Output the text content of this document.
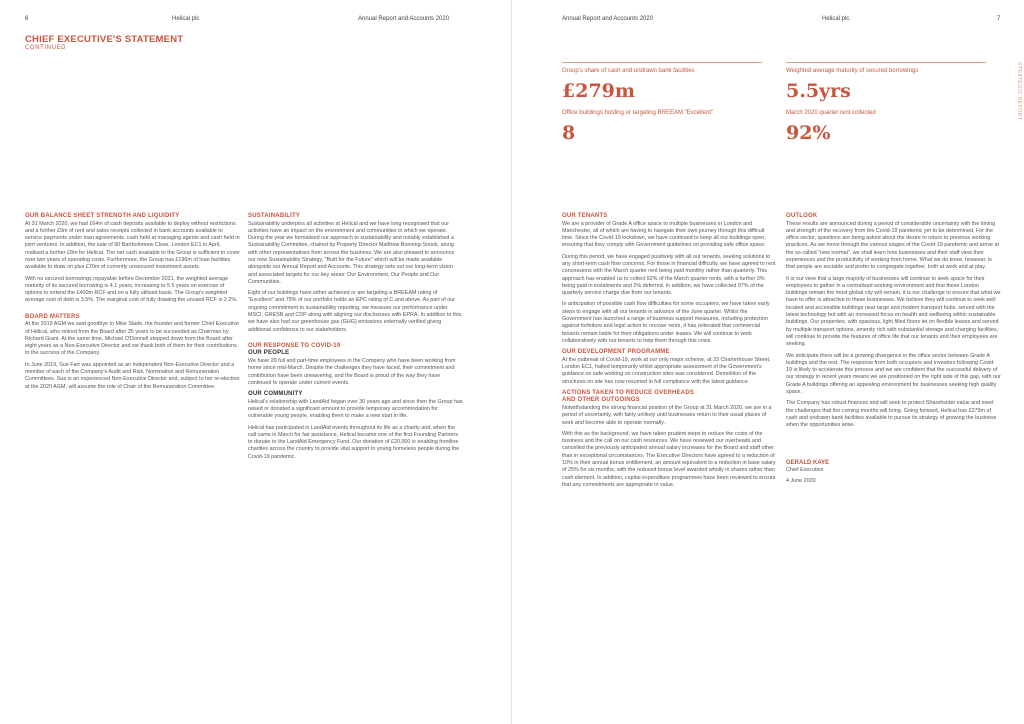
6	Helical plc	Annual Report and Accounts 2020
CHIEF EXECUTIVE'S STATEMENT
CONTINUED
OUR BALANCE SHEET STRENGTH AND LIQUIDITY

At 31 March 2020, we had £64m of cash deposits available to deploy without restrictions and a further £9m of rent and sales receipts collected in bank accounts available to service payments under loan agreements. cash held at managing agents and cash held in joint ventures. In addition, the sale of 90 Bartholomew Close, London EC1 in April, realised a further £8m for Helical. The net cash available to the Group is sufficient to cover over two years of operating costs. Furthermore, the Group has £196m of loan facilities available to draw on plus £70m of currently unsecured investment assets.

With no secured borrowings repayable before December 2021, the weighted average maturity of its secured borrowing is 4.1 years, increasing to 5.5 years on exercise of options to extend the £400m RCF and on a fully utilised basis. The Group's weighted average cost of debt is 3.5%. The marginal cost of fully drawing the unused RCF is 2.2%.

BOARD MATTERS

At the 2019 AGM we said goodbye to Mike Slade, the founder and former Chief Executive of Helical, who retired from the Board after 35 years to be succeeded as Chairman by Richard Grant. At the same time, Michael O'Donnell stepped down from the Board after eight years as a Non-Executive Director and we thank both of them for their contributions to the success of the Company.

In June 2019, Sue Farr was appointed as an independent Non-Executive Director and a member of each of the Company's Audit and Risk, Nomination and Remuneration Committees. Sue is an experienced Non-Executive Director and, subject to her re-election at the 2020 AGM, will assume the role of Chair of the Remuneration Committee.

SUSTAINABILITY

Sustainability underpins all activities at Helical and we have long recognised that our activities have an impact on the environment and communities in which we operate. During the year we formalised our approach to sustainability and notably established a Sustainability Committee, chaired by Property Director Matthew Bonning-Snook, along with other representatives from across the business. We are also pleased to announce our new Sustainability Strategy, "Built for the Future" which will be made available alongside our Annual Report and Accounts. This strategy sets out our long-term vision and associated targets for our key areas: Our Environment, Our People and Our Communities.

Eight of our buildings have either achieved or are targeting a BREEAM rating of "Excellent" and 75% of our portfolio holds an EPC rating of C and above. As part of our ongoing commitment to sustainability reporting, we measure our performance under MSCI, GRESB and CDP along with aligning our disclosures with EPRA. In addition to this, we have also had our greenhouse gas (GHG) emissions externally verified giving additional confidence to our stakeholders.

OUR RESPONSE TO COVID-19
OUR PEOPLE

We have 29 full and part-time employees in the Company who have been working from home since mid-March. Despite the challenges they have faced, their commitment and contribution have been unwavering, and the Board is proud of the way they have continued to operate under current events.

OUR COMMUNITY

Helical's relationship with LandAid began over 30 years ago and since then the Group has raised or donated a significant amount to provide temporary accommodation for vulnerable young people, enabling them to make a new start in life.

Helical has participated in LandAid events throughout its life as a charity and, when the call came in March for fair assistance, Helical became one of the first Founding Partners to donate to the LandAid Emergency Fund. Our donation of £20,000 is enabling frontline charities across the country to provide vital support to young homeless people during the Covid-19 pandemic.

Annual Report and Accounts 2020	Helical plc	7
STRATEGIC REPORT
Group's share of cash and undrawn bank facilities
£279m
Weighted average maturity of secured borrowings
5.5yrs
Office buildings holding or targeting BREEAM "Excellent"
8
March 2020 quarter rent collected
92%
OUR TENANTS

We are a provider of Grade A office space to multiple businesses in London and Manchester, all of which are having to navigate their own journey through this difficult time. Since the Covid-19 lockdown, we have continued to keep all our buildings open, ensuring that they comply with Government guidelines on providing safe office space.

During this period, we have engaged positively with all our tenants, seeking solutions to any short-term cash flow concerns. For those in financial difficulty, we have agreed to rent concessions with the March quarter rent being paid monthly rather than quarterly. This approach has enabled us to collect 92% of the March quarter rents, with a further 3% being paid in instalments and 2% deferred. In addition, we have collected 97% of the quarterly service charge due from our tenants.

In anticipation of possible cash flow difficulties for some occupiers, we have taken early steps to engage with all our tenants in advance of the June quarter. Whilst the Government has launched a range of business support measures, including protection against forfeiture and legal action to recover rents, it has reiterated that commercial tenants remain liable for their obligations under leases. We will continue to work collaboratively with our tenants to help them through this crisis.

OUR DEVELOPMENT PROGRAMME

At the outbreak of Covid-19, work at our only major scheme, at 33 Charterhouse Street, London EC1, halted temporarily whilst appropriate assessment of the Government's guidance on safe working on construction sites was considered. Demolition of the structures on site has now resumed in full compliance with the latest guidance.

ACTIONS TAKEN TO REDUCE OVERHEADS
AND OTHER OUTGOINGS

Notwithstanding the strong financial position of the Group at 31 March 2020, we are in a period of uncertainty, with fairly unlikely until businesses return to their usual places of work and become able to operate normally.

With this as the background, we have taken prudent steps to reduce the costs of the business and the call on our cash resources. We have reviewed our overheads and cancelled the previously anticipated annual salary increases for the Board and staff other than in exceptional circumstances. The Executive Directors have agreed to a reduction of 10% in their annual bonus entitlement, an amount equivalent to a reduction in base salary of 25% for six months, with the reduced bonus level awarded wholly in shares rather than cash element. In addition, capital expenditure programmes have been reviewed to ensure that any commitments are appropriate in value.

OUTLOOK

These results are announced during a period of considerable uncertainty with the timing and strength of the recovery from the Covid-19 pandemic yet to be determined. For the office sector, questions are being asked about the desire to return to previous working practices. As we move through the various stages of the Covid-19 pandemic and arrive at the so-called "new normal", we shall learn how businesses and their staff view their experiences and the productivity of working from home. What we do know, however, is that people are sociable and prefer to congregate together, both at work and at play.

It is our view that a large majority of businesses will continue to seek space for their employees to gather in a centralised working environment and that these London buildings remain the most global city will remain, it is our challenge to ensure that what we have to offer is attractive to these businesses. We believe they will continue to seek well located and accessible buildings near large and modern transport hubs, served with the latest technology but with an increased focus on health and wellbeing within sustainable buildings. Our properties, with spacious, light filled floors let on flexible leases and served by multiple transport options, amenity rich with substantial storage and charging facilities, will continue to provide the features of office life that our tenants and their employees are seeking.

We anticipate there will be a growing divergence in the office sector between Grade A buildings and the rest. The response from both occupiers and investors following Covid-19 is likely to accelerate this process and we are confident that the successful delivery of our strategy in recent years means we are positioned on the right side of this gap, with our Grade A buildings offering an appealing environment for businesses seeking high quality space.

The Company has robust finances and will seek to protect Shareholder value and meet the challenges that the coming months will bring. Going forward, Helical has £279m of cash and undrawn bank facilities available to pursue its strategy of growing the business when the opportunities arise.

GERALD KAYE

Chief Executive

4 June 2020
